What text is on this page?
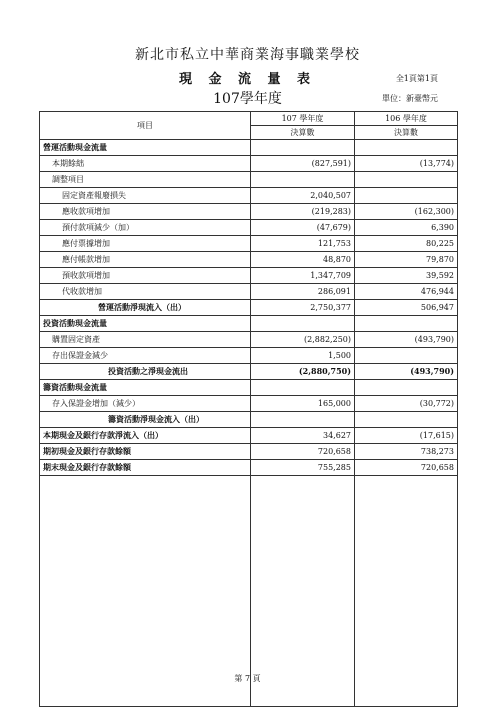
新北市私立中華商業海事職業學校
現 金 流 量 表
107學年度
全1頁第1頁
單位：新臺幣元
項目	107 學年度	106 學年度
	決算數	決算數
營運活動現金流量		
本期餘絀	(827,591)	(13,774)
調整項目		
固定資產報廢損失	2,040,507	
應收款項增加	(219,283)	(162,300)
預付款項減少（加）	(47,679)	6,390
應付票據增加	121,753	80,225
應付帳款增加	48,870	79,870
預收款項增加	1,347,709	39,592
代收款增加	286,091	476,944
營運活動淨現流入（出）	2,750,377	506,947
投資活動現金流量		
購置固定資產	(2,882,250)	(493,790)
存出保證金減少	1,500	
投資活動之淨現金流出	(2,880,750)	(493,790)
籌資活動現金流量		
存入保證金增加（減少）	165,000	(30,772)
籌資活動淨現金流入（出）		
本期現金及銀行存款淨流入（出）	34,627	(17,615)
期初現金及銀行存款餘額	720,658	738,273
期末現金及銀行存款餘額	755,285	720,658

第 7 頁
